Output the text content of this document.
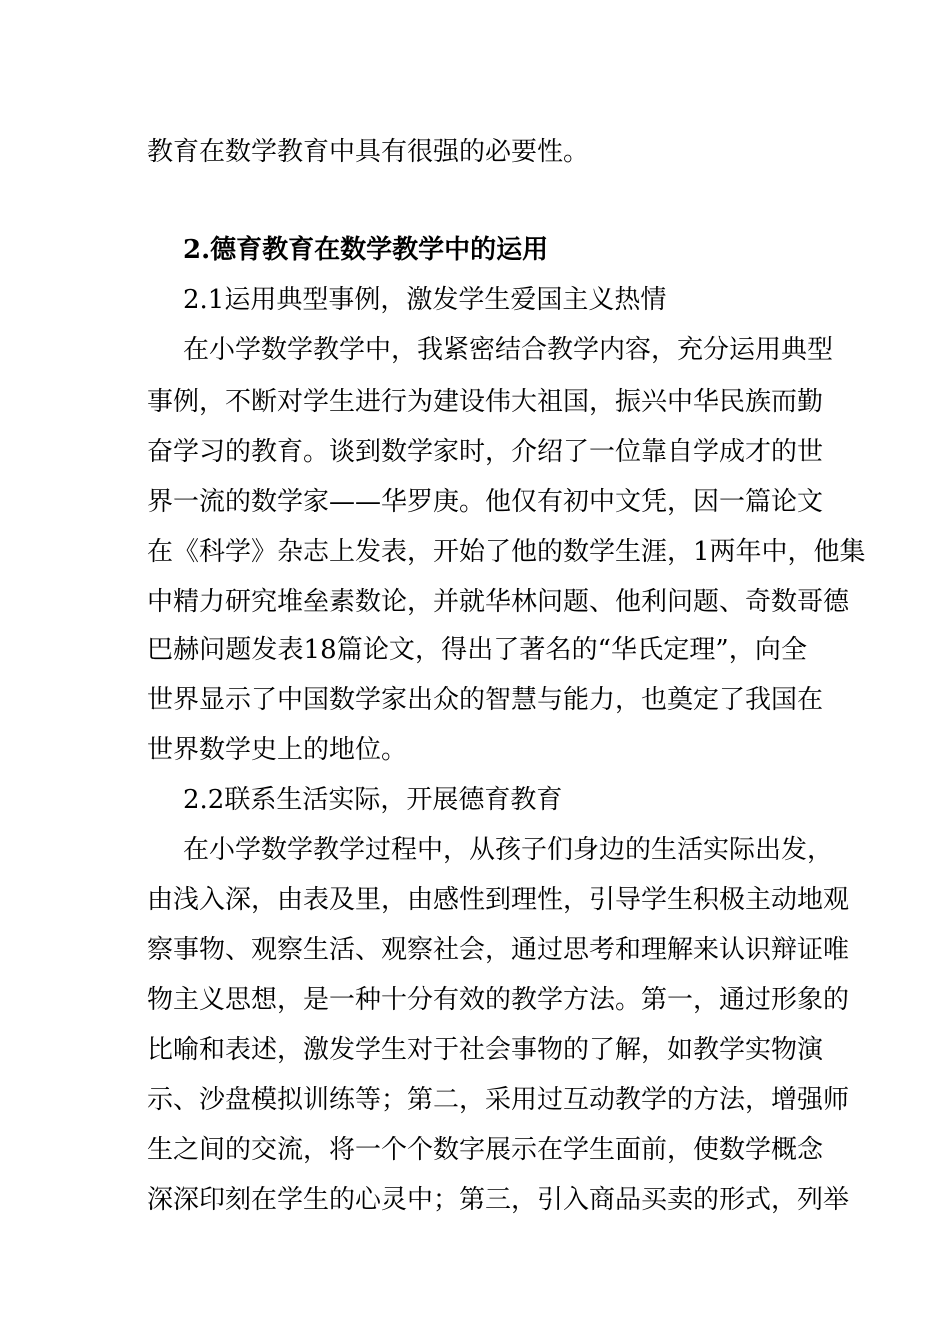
教育在数学教育中具有很强的必要性。
2.德育教育在数学教学中的运用
2.1运用典型事例，激发学生爱国主义热情
在小学数学教学中，我紧密结合教学内容，充分运用典型
事例，不断对学生进行为建设伟大祖国，振兴中华民族而勤
奋学习的教育。谈到数学家时，介绍了一位靠自学成才的世
界一流的数学家——华罗庚。他仅有初中文凭，因一篇论文
在《科学》杂志上发表，开始了他的数学生涯，1两年中，他集
中精力研究堆垒素数论，并就华林问题、他利问题、奇数哥德
巴赫问题发表18篇论文，得出了著名的“华氏定理”，向全
世界显示了中国数学家出众的智慧与能力，也奠定了我国在
世界数学史上的地位。
2.2联系生活实际，开展德育教育
在小学数学教学过程中，从孩子们身边的生活实际出发，
由浅入深，由表及里，由感性到理性，引导学生积极主动地观
察事物、观察生活、观察社会，通过思考和理解来认识辩证唯
物主义思想，是一种十分有效的教学方法。第一，通过形象的
比喻和表述，激发学生对于社会事物的了解，如教学实物演
示、沙盘模拟训练等；第二，采用过互动教学的方法，增强师
生之间的交流，将一个个数字展示在学生面前，使数学概念
深深印刻在学生的心灵中；第三，引入商品买卖的形式，列举
